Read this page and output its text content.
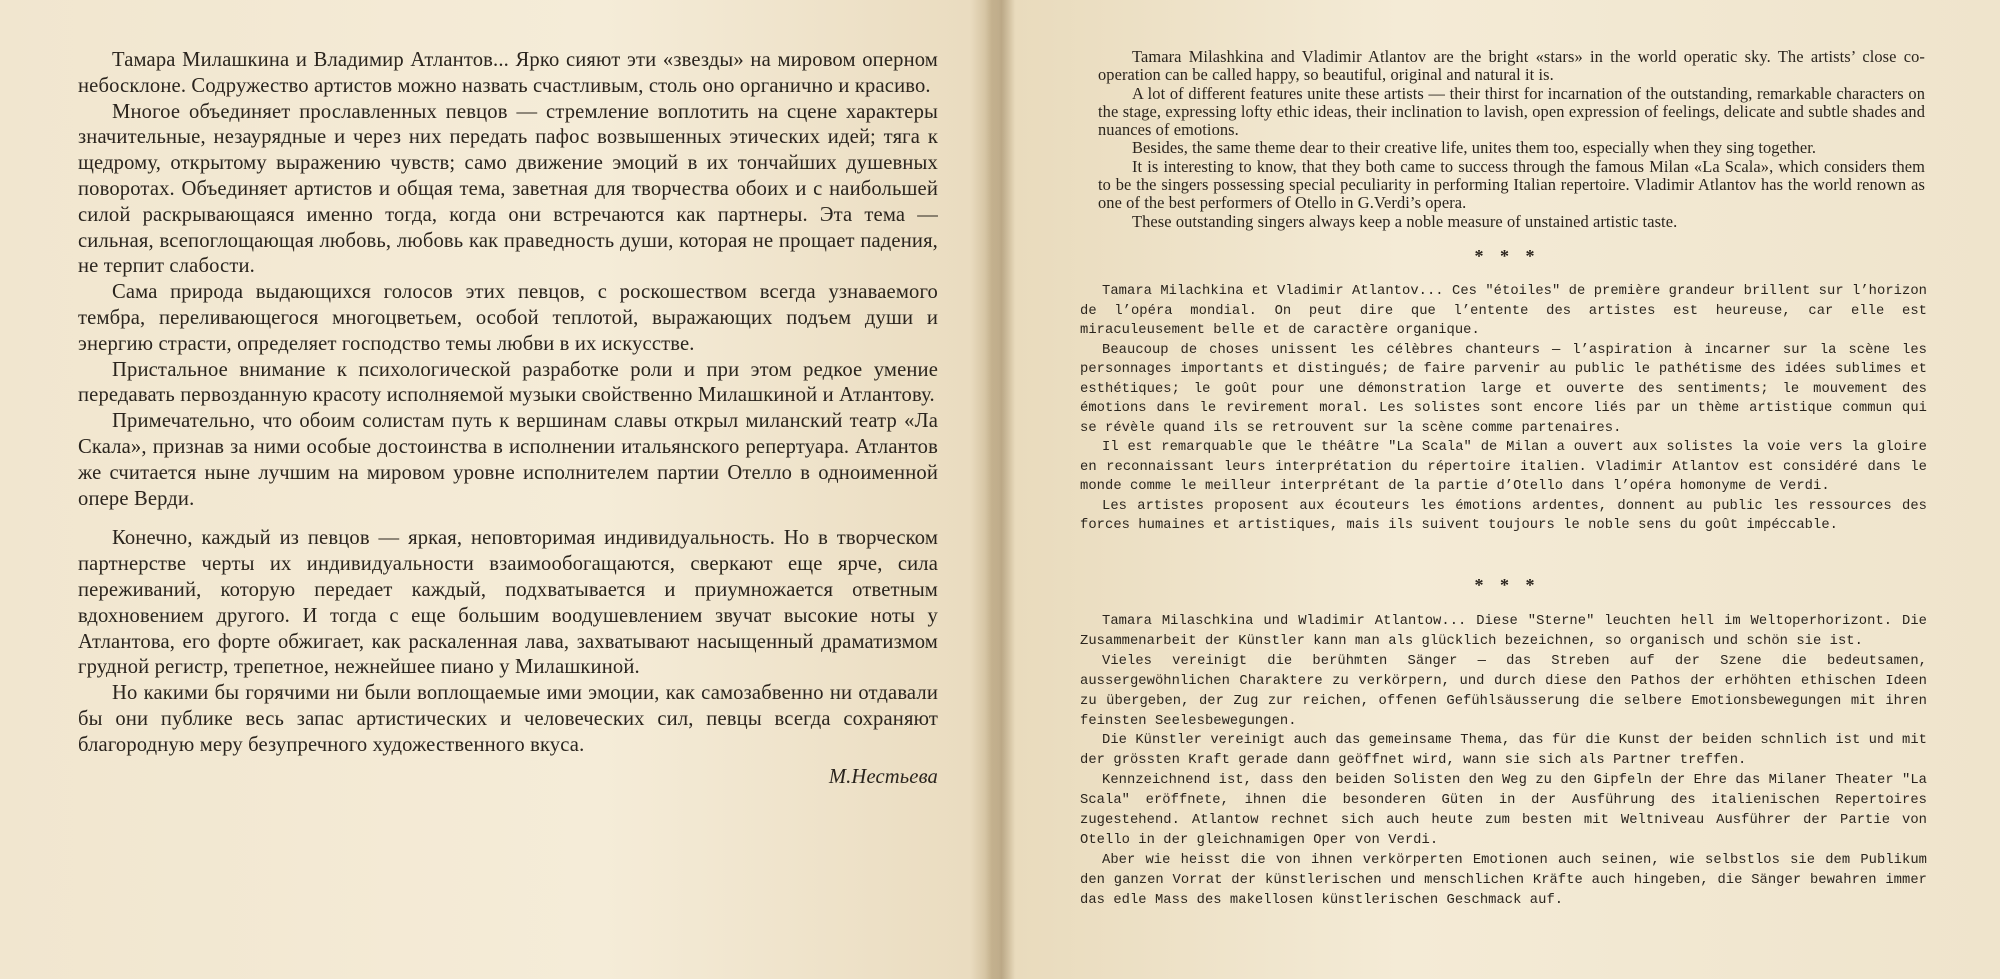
Тамара Милашкина и Владимир Атлантов... Ярко сияют эти «звезды» на мировом оперном небосклоне. Содружество артистов можно назвать счастливым, столь оно органично и красиво.

Многое объединяет прославленных певцов — стремление воплотить на сцене характеры значительные, незаурядные и через них передать пафос возвышенных этических идей; тяга к щедрому, открытому выражению чувств; само движение эмоций в их тончайших душевных поворотах. Объединяет артистов и общая тема, заветная для творчества обоих и с наибольшей силой раскрывающаяся именно тогда, когда они встречаются как партнеры. Эта тема — сильная, всепоглощающая любовь, любовь как праведность души, которая не прощает падения, не терпит слабости.

Сама природа выдающихся голосов этих певцов, с роскошеством всегда узнаваемого тембра, переливающегося многоцветьем, особой теплотой, выражающих подъем души и энергию страсти, определяет господство темы любви в их искусстве.

Пристальное внимание к психологической разработке роли и при этом редкое умение передавать первозданную красоту исполняемой музыки свойственно Милашкиной и Атлантову.

Примечательно, что обоим солистам путь к вершинам славы открыл миланский театр «Ла Скала», признав за ними особые достоинства в исполнении итальянского репертуара. Атлантов же считается ныне лучшим на мировом уровне исполнителем партии Отелло в одноименной опере Верди.

Конечно, каждый из певцов — яркая, неповторимая индивидуальность. Но в творческом партнерстве черты их индивидуальности взаимообогащаются, сверкают еще ярче, сила переживаний, которую передает каждый, подхватывается и приумножается ответным вдохновением другого. И тогда с еще большим воодушевлением звучат высокие ноты у Атлантова, его форте обжигает, как раскаленная лава, захватывают насыщенный драматизмом грудной регистр, трепетное, нежнейшее пиано у Милашкиной.

Но какими бы горячими ни были воплощаемые ими эмоции, как самозабвенно ни отдавали бы они публике весь запас артистических и человеческих сил, певцы всегда сохраняют благородную меру безупречного художественного вкуса.

М.Нестьева

Tamara Milashkina and Vladimir Atlantov are the bright «stars» in the world operatic sky. The artists’ close co-operation can be called happy, so beautiful, original and natural it is.

A lot of different features unite these artists — their thirst for incarnation of the outstanding, remarkable characters on the stage, expressing lofty ethic ideas, their inclination to lavish, open expression of feelings, delicate and subtle shades and nuances of emotions.

Besides, the same theme dear to their creative life, unites them too, especially when they sing together.

It is interesting to know, that they both came to success through the famous Milan «La Scala», which considers them to be the singers possessing special peculiarity in performing Italian repertoire. Vladimir Atlantov has the world renown as one of the best performers of Otello in G.Verdi’s opera.

These outstanding singers always keep a noble measure of unstained artistic taste.

* * *

Tamara Milachkina et Vladimir Atlantov... Ces "étoiles" de première grandeur brillent sur l’horizon de l’opéra mondial. On peut dire que l’entente des artistes est heureuse, car elle est miraculeusement belle et de caractère organique.

Beaucoup de choses unissent les célèbres chanteurs — l’aspiration à incarner sur la scène les personnages importants et distingués; de faire parvenir au public le pathétisme des idées sublimes et esthétiques; le goût pour une démonstration large et ouverte des sentiments; le mouvement des émotions dans le revirement moral. Les solistes sont encore liés par un thème artistique commun qui se révèle quand ils se retrouvent sur la scène comme partenaires.

Il est remarquable que le théâtre "La Scala" de Milan a ouvert aux solistes la voie vers la gloire en reconnaissant leurs interprétation du répertoire italien. Vladimir Atlantov est considéré dans le monde comme le meilleur interprétant de la partie d’Otello dans l’opéra homonyme de Verdi.

Les artistes proposent aux écouteurs les émotions ardentes, donnent au public les ressources des forces humaines et artistiques, mais ils suivent toujours le noble sens du goût impéccable.

* * *

Tamara Milaschkina und Wladimir Atlantow... Diese "Sterne" leuchten hell im Weltoperhorizont. Die Zusammenarbeit der Künstler kann man als glücklich bezeichnen, so organisch und schön sie ist.

Vieles vereinigt die berühmten Sänger — das Streben auf der Szene die bedeutsamen, aussergewöhnlichen Charaktere zu verkörpern, und durch diese den Pathos der erhöhten ethischen Ideen zu übergeben, der Zug zur reichen, offenen Gefühlsäusserung die selbere Emotionsbewegungen mit ihren feinsten Seelesbewegungen.

Die Künstler vereinigt auch das gemeinsame Thema, das für die Kunst der beiden schnlich ist und mit der grössten Kraft gerade dann geöffnet wird, wann sie sich als Partner treffen.

Kennzeichnend ist, dass den beiden Solisten den Weg zu den Gipfeln der Ehre das Milaner Theater "La Scala" eröffnete, ihnen die besonderen Güten in der Ausführung des italienischen Repertoires zugestehend. Atlantow rechnet sich auch heute zum besten mit Weltniveau Ausführer der Partie von Otello in der gleichnamigen Oper von Verdi.

Aber wie heisst die von ihnen verkörperten Emotionen auch seinen, wie selbstlos sie dem Publikum den ganzen Vorrat der künstlerischen und menschlichen Kräfte auch hingeben, die Sänger bewahren immer das edle Mass des makellosen künstlerischen Geschmack auf.
